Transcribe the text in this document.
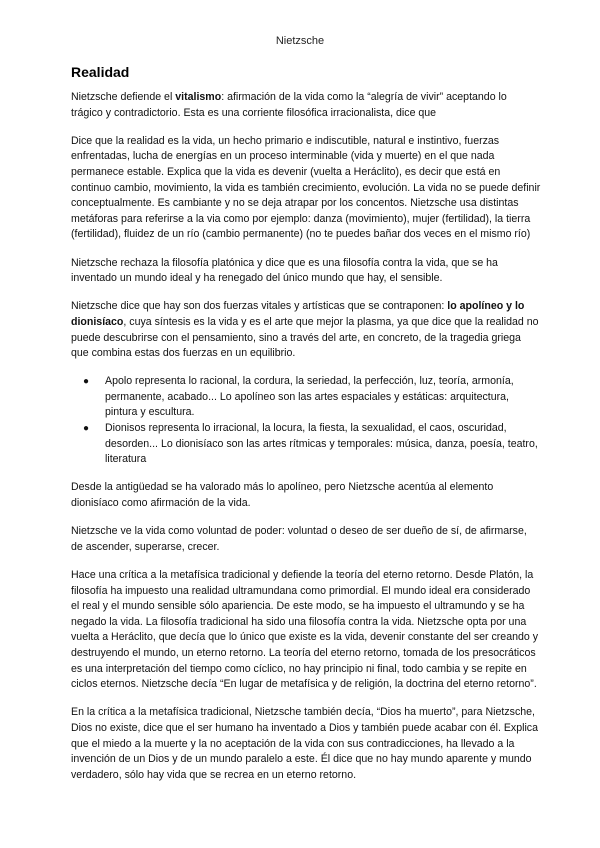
Nietzsche
Realidad

Nietzsche defiende el vitalismo: afirmación de la vida como la “alegría de vivir” aceptando lo trágico y contradictorio. Esta es una corriente filosófica irracionalista, dice que

Dice que la realidad es la vida, un hecho primario e indiscutible, natural e instintivo, fuerzas enfrentadas, lucha de energías en un proceso interminable (vida y muerte) en el que nada permanece estable. Explica que la vida es devenir (vuelta a Heráclito), es decir que está en continuo cambio, movimiento, la vida es también crecimiento, evolución. La vida no se puede definir conceptualmente. Es cambiante y no se deja atrapar por los concentos. Nietzsche usa distintas metáforas para referirse a la via como por ejemplo: danza (movimiento), mujer (fertilidad), la tierra (fertilidad), fluidez de un río (cambio permanente) (no te puedes bañar dos veces en el mismo río)

Nietzsche rechaza la filosofía platónica y dice que es una filosofía contra la vida, que se ha inventado un mundo ideal y ha renegado del único mundo que hay, el sensible.

Nietzsche dice que hay son dos fuerzas vitales y artísticas que se contraponen: lo apolíneo y lo dionisíaco, cuya síntesis es la vida y es el arte que mejor la plasma, ya que dice que la realidad no puede descubrirse con el pensamiento, sino a través del arte, en concreto, de la tragedia griega que combina estas dos fuerzas en un equilibrio.

● Apolo representa lo racional, la cordura, la seriedad, la perfección, luz, teoría, armonía, permanente, acabado... Lo apolíneo son las artes espaciales y estáticas: arquitectura, pintura y escultura.
● Dionisos representa lo irracional, la locura, la fiesta, la sexualidad, el caos, oscuridad, desorden... Lo dionisíaco son las artes rítmicas y temporales: música, danza, poesía, teatro, literatura

Desde la antigüedad se ha valorado más lo apolíneo, pero Nietzsche acentúa al elemento dionisíaco como afirmación de la vida.

Nietzsche ve la vida como voluntad de poder: voluntad o deseo de ser dueño de sí, de afirmarse, de ascender, superarse, crecer.

Hace una crítica a la metafísica tradicional y defiende la teoría del eterno retorno. Desde Platón, la filosofía ha impuesto una realidad ultramundana como primordial. El mundo ideal era considerado el real y el mundo sensible sólo apariencia. De este modo, se ha impuesto el ultramundo y se ha negado la vida. La filosofía tradicional ha sido una filosofía contra la vida. Nietzsche opta por una vuelta a Heráclito, que decía que lo único que existe es la vida, devenir constante del ser creando y destruyendo el mundo, un eterno retorno. La teoría del eterno retorno, tomada de los presocráticos es una interpretación del tiempo como cíclico, no hay principio ni final, todo cambia y se repite en ciclos eternos. Nietzsche decía “En lugar de metafísica y de religión, la doctrina del eterno retorno”.

En la crítica a la metafísica tradicional, Nietzsche también decía, “Dios ha muerto”, para Nietzsche, Dios no existe, dice que el ser humano ha inventado a Dios y también puede acabar con él. Explica que el miedo a la muerte y la no aceptación de la vida con sus contradicciones, ha llevado a la invención de un Dios y de un mundo paralelo a este. Él dice que no hay mundo aparente y mundo verdadero, sólo hay vida que se recrea en un eterno retorno.
